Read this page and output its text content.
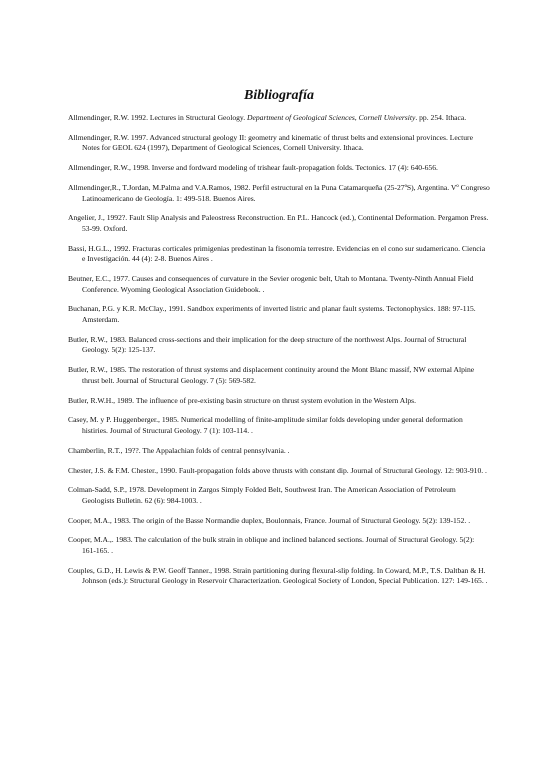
Bibliografía

Allmendinger, R.W. 1992. Lectures in Structural Geology. Department of Geological Sciences, Cornell University. pp. 254. Ithaca.

Allmendinger, R.W. 1997. Advanced structural geology II: geometry and kinematic of thrust belts and extensional provinces. Lecture Notes for GEOL 624 (1997), Department of Geological Sciences, Cornell University. Ithaca.

Allmendinger, R.W., 1998. Inverse and fordward modeling of trishear fault-propagation folds. Tectonics. 17 (4): 640-656.

Allmendinger,R., T.Jordan, M.Palma and V.A.Ramos, 1982. Perfil estructural en la Puna Catamarqueña (25-27ºS), Argentina. Vº Congreso Latinoamericano de Geología. 1: 499-518. Buenos Aires.

Angelier, J., 1992?. Fault Slip Analysis and Paleostress Reconstruction. En P.L. Hancock (ed.), Continental Deformation. Pergamon Press. 53-99. Oxford.

Bassi, H.G.L., 1992. Fracturas corticales primigenias predestinan la fisonomía terrestre. Evidencias en el cono sur sudamericano. Ciencia e Investigación. 44 (4): 2-8. Buenos Aires .

Beutner, E.C., 1977. Causes and consequences of curvature in the Sevier orogenic belt, Utah to Montana. Twenty-Ninth Annual Field Conference. Wyoming Geological Association Guidebook. .

Buchanan, P.G. y K.R. McClay., 1991. Sandbox experiments of inverted listric and planar fault systems. Tectonophysics. 188: 97-115. Amsterdam.

Butler, R.W., 1983. Balanced cross-sections and their implication for the deep structure of the northwest Alps. Journal of Structural Geology. 5(2): 125-137.

Butler, R.W., 1985. The restoration of thrust systems and displacement continuity around the Mont Blanc massif, NW external Alpine thrust belt. Journal of Structural Geology. 7 (5): 569-582.

Butler, R.W.H., 1989. The influence of pre-existing basin structure on thrust system evolution in the Western Alps.

Casey, M. y P. Huggenberger., 1985. Numerical modelling of finite-amplitude similar folds developing under general deformation histiries. Journal of Structural Geology. 7 (1): 103-114. .

Chamberlin, R.T., 19??. The Appalachian folds of central pennsylvania. .

Chester, J.S. & F.M. Chester., 1990. Fault-propagation folds above thrusts with constant dip. Journal of Structural Geology. 12: 903-910. .

Colman-Sadd, S.P., 1978. Development in Zargos Simply Folded Belt, Southwest Iran. The American Association of Petroleum Geologists Bulletin. 62 (6): 984-1003. .

Cooper, M.A., 1983. The origin of the Basse Normandie duplex, Boulonnais, France. Journal of Structural Geology. 5(2): 139-152. .

Cooper, M.A.,. 1983. The calculation of the bulk strain in oblique and inclined balanced sections. Journal of Structural Geology. 5(2): 161-165. .

Couples, G.D., H. Lewis & P.W. Geoff Tanner., 1998. Strain partitioning during flexural-slip folding. In Coward, M.P., T.S. Daltban & H. Johnson (eds.): Structural Geology in Reservoir Characterization. Geological Society of London, Special Publication. 127: 149-165. .
